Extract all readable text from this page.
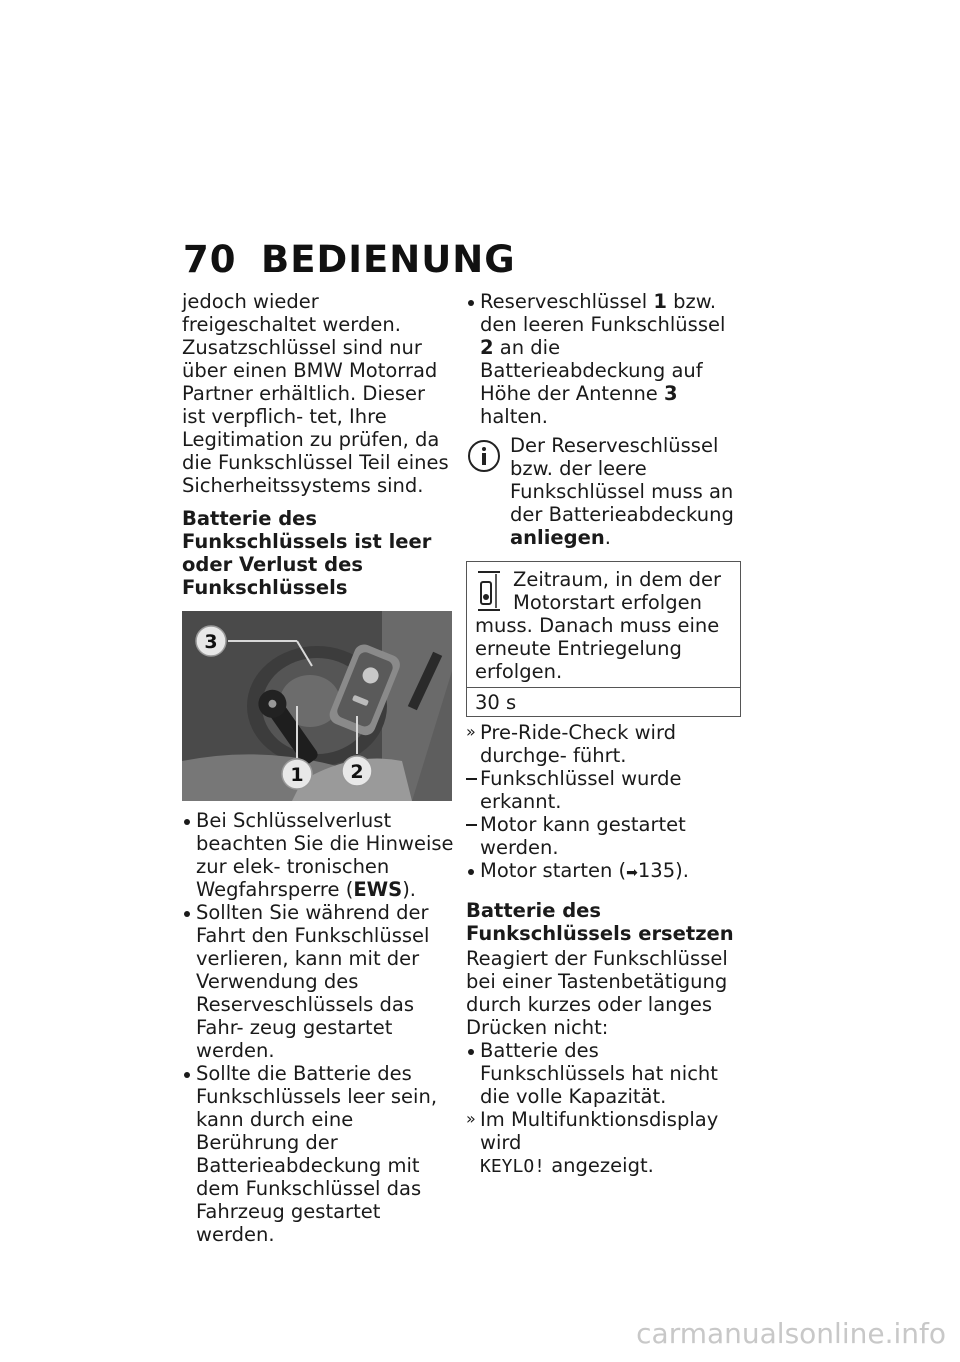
70 BEDIENUNG

jedoch wieder freigeschaltet werden.

Zusatzschlüssel sind nur über einen BMW Motorrad Partner erhältlich. Dieser ist verpflich- tet, Ihre Legitimation zu prüfen, da die Funkschlüssel Teil eines Sicherheitssystems sind.

Batterie des Funkschlüssels ist leer oder Verlust des Funkschlüssels

3
1 2

Bei Schlüsselverlust beachten Sie die Hinweise zur elek- tronischen Wegfahrsperre (EWS).

Sollten Sie während der Fahrt den Funkschlüssel verlieren, kann mit der Verwendung des Reserveschlüssels das Fahr- zeug gestartet werden.

Sollte die Batterie des Funkschlüssels leer sein, kann durch eine Berührung der Batterieabdeckung mit dem Funkschlüssel das Fahrzeug gestartet werden.

Reserveschlüssel 1 bzw. den leeren Funkschlüssel 2 an die Batterieabdeckung auf Höhe der Antenne 3 halten.

Der Reserveschlüssel bzw. der leere Funkschlüssel muss an der Batterieabdeckung anliegen.

Zeitraum, in dem der Motorstart erfolgen

muss. Danach muss eine erneute Entriegelung erfolgen.

30 s

» Pre-Ride-Check wird durchge- führt.

Funkschlüssel wurde erkannt.

Motor kann gestartet werden.

Motor starten (➡135).

Batterie des Funkschlüssels ersetzen

Reagiert der Funkschlüssel bei einer Tastenbetätigung durch kurzes oder langes Drücken nicht:

Batterie des Funkschlüssels hat nicht die volle Kapazität.

» Im Multifunktionsdisplay wird
KEYLO! angezeigt.

carmanualsonline.info
